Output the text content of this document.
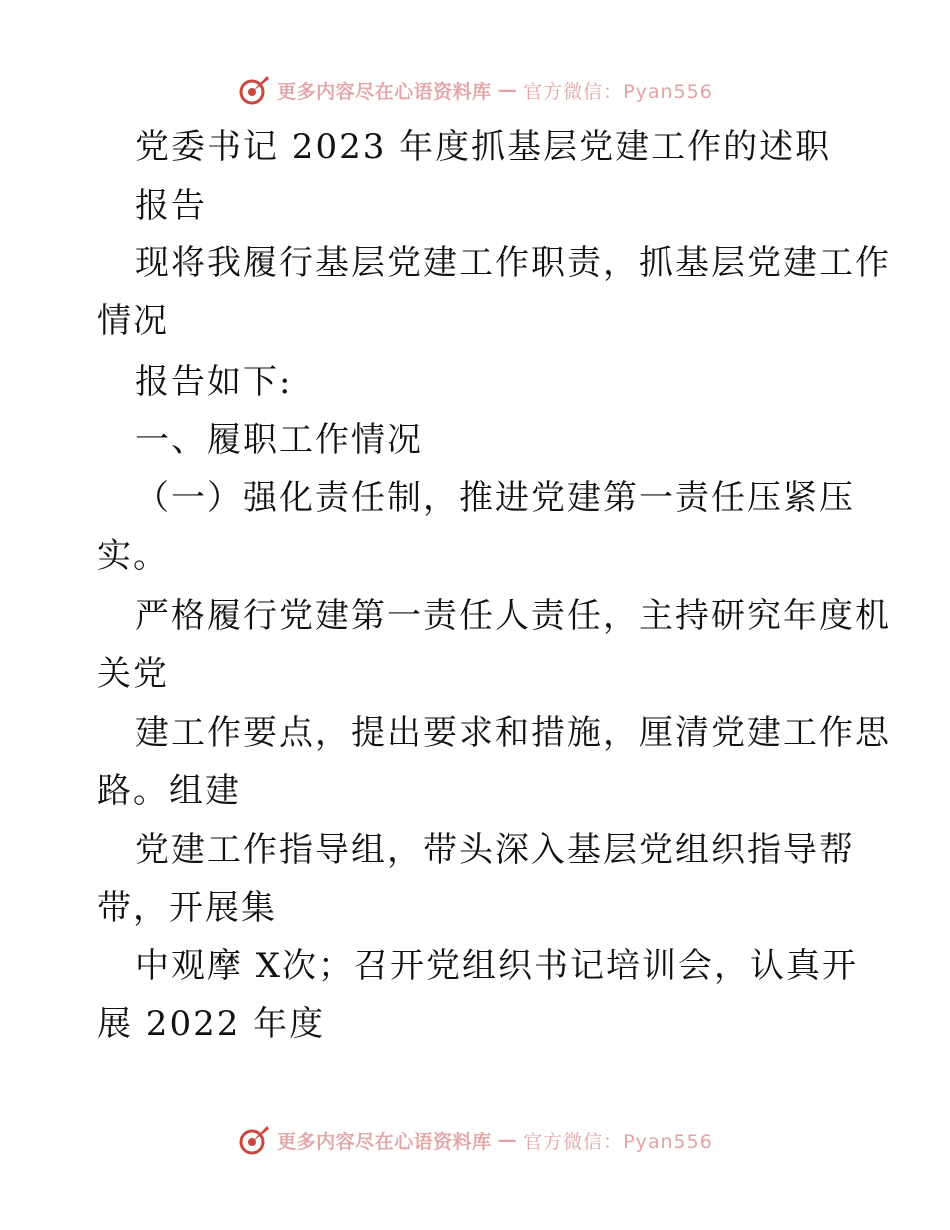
更多内容尽在心语资料库 — 官方微信：Pyan556
党委书记 2023 年度抓基层党建工作的述职
报告
现将我履行基层党建工作职责，抓基层党建工作
情况
报告如下:
一、履职工作情况
（一）强化责任制，推进党建第一责任压紧压
实。
严格履行党建第一责任人责任，主持研究年度机
关党
建工作要点，提出要求和措施，厘清党建工作思
路。组建
党建工作指导组，带头深入基层党组织指导帮
带，开展集
中观摩 X次；召开党组织书记培训会，认真开
展 2022 年度
更多内容尽在心语资料库 — 官方微信：Pyan556
